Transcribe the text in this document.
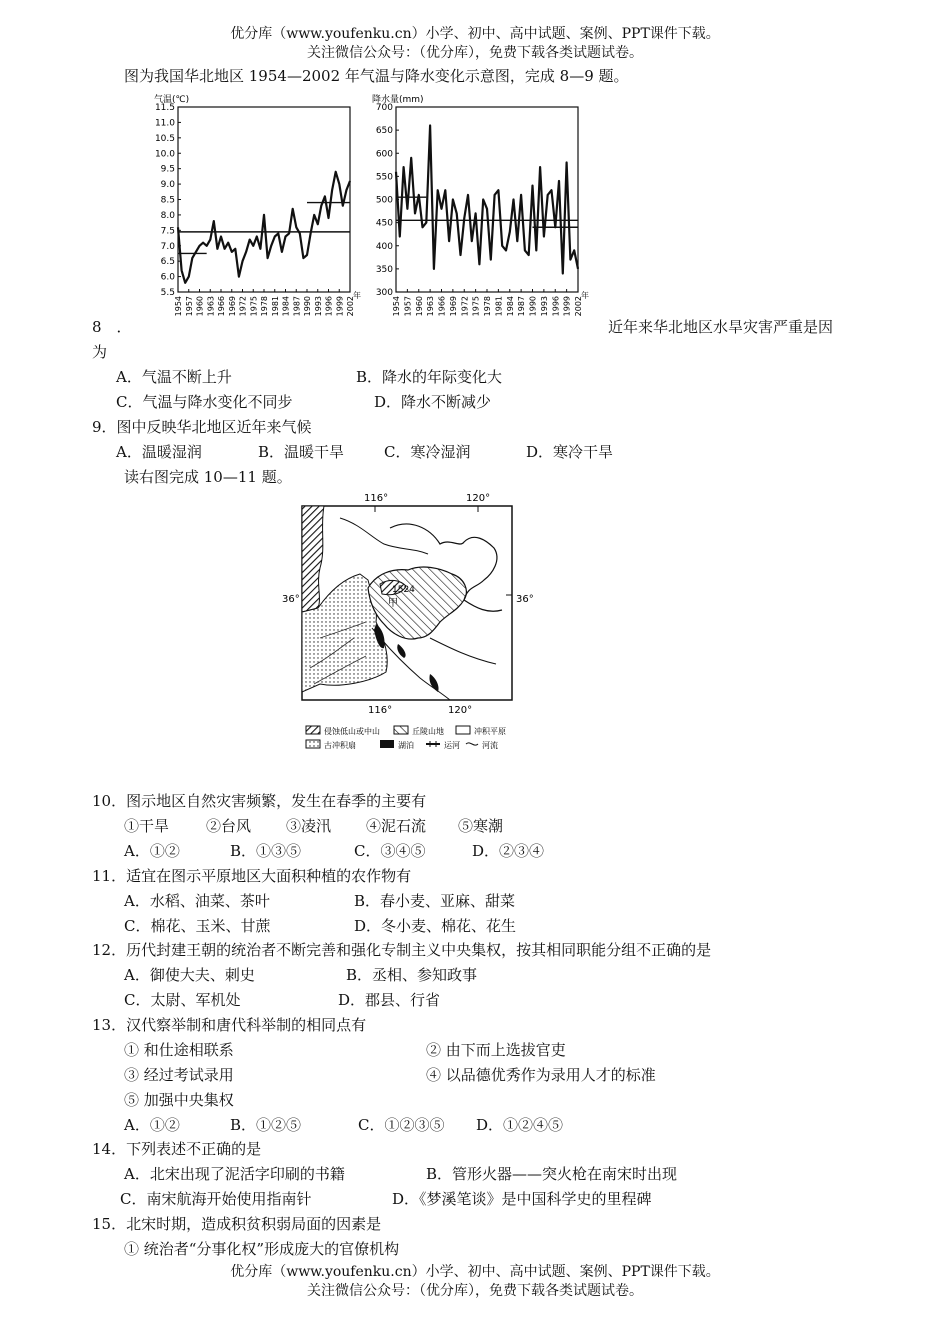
优分库（www.youfenku.cn）小学、初中、高中试题、案例、PPT课件下载。
关注微信公众号：（优分库），免费下载各类试题试卷。
图为我国华北地区 1954—2002 年气温与降水变化示意图，完成 8—9 题。
气温(℃)
11.5
11.0
10.5
10.0
9.5
9.0
8.5
8.0
7.5
7.0
6.5
6.0
5.5
1954 1957 1960 1963 1966 1969 1972 1975 1978 1981 1984 1987 1990 1993 1996 1999 2002
年
降水量(mm)
700
650
600
550
500
450
400
350
300
1954 1957 1960 1963 1966 1969 1972 1975 1978 1981 1984 1987 1990 1993 1996 1999 2002
年
8　．	近年来华北地区水旱灾害严重是因
为
A．气温不断上升	B．降水的年际变化大
C．气温与降水变化不同步	D．降水不断减少
9．图中反映华北地区近年来气候
A．温暖湿润	B．温暖干旱	C．寒冷湿润	D．寒冷干旱
读右图完成 10—11 题。
116°	120°
116°	120°
36°	36°
1524
甲
侵蚀低山或中山	丘陵山地	冲积平原
古冲积扇	湖泊	运河	河流
10．图示地区自然灾害频繁，发生在春季的主要有
①干旱 ②台风 ③凌汛 ④泥石流 ⑤寒潮
A．①②	B．①③⑤	C．③④⑤	D．②③④
11．适宜在图示平原地区大面积种植的农作物有
A．水稻、油菜、茶叶	B．春小麦、亚麻、甜菜
C．棉花、玉米、甘蔗	D．冬小麦、棉花、花生
12．历代封建王朝的统治者不断完善和强化专制主义中央集权，按其相同职能分组不正确的是
A．御使大夫、刺史	B．丞相、参知政事
C．太尉、军机处	D．郡县、行省
13．汉代察举制和唐代科举制的相同点有
① 和仕途相联系	② 由下而上选拔官吏
③ 经过考试录用	④ 以品德优秀作为录用人才的标准
⑤ 加强中央集权
A．①②	B．①②⑤	C．①②③⑤ D．①②④⑤
14．下列表述不正确的是
A．北宋出现了泥活字印刷的书籍	B．管形火器——突火枪在南宋时出现
C．南宋航海开始使用指南针	D．《梦溪笔谈》是中国科学史的里程碑
15．北宋时期，造成积贫积弱局面的因素是
① 统治者“分事化权”形成庞大的官僚机构
优分库（www.youfenku.cn）小学、初中、高中试题、案例、PPT课件下载。
关注微信公众号：（优分库），免费下载各类试题试卷。
